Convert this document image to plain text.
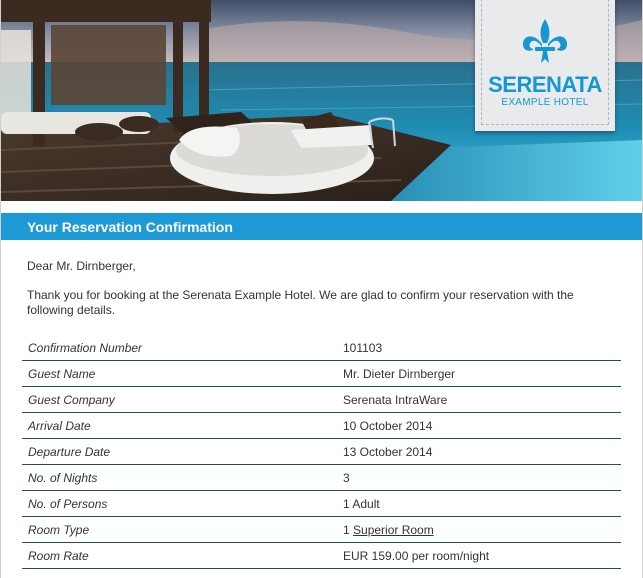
SERENATA
EXAMPLE HOTEL
Your Reservation Confirmation

Dear Mr. Dirnberger,

Thank you for booking at the Serenata Example Hotel. We are glad to confirm your reservation with the following details.

Confirmation Number	101103
Guest Name	Mr. Dieter Dirnberger
Guest Company	Serenata IntraWare
Arrival Date	10 October 2014
Departure Date	13 October 2014
No. of Nights	3
No. of Persons	1 Adult
Room Type	1 Superior Room
Room Rate	EUR 159.00 per room/night
